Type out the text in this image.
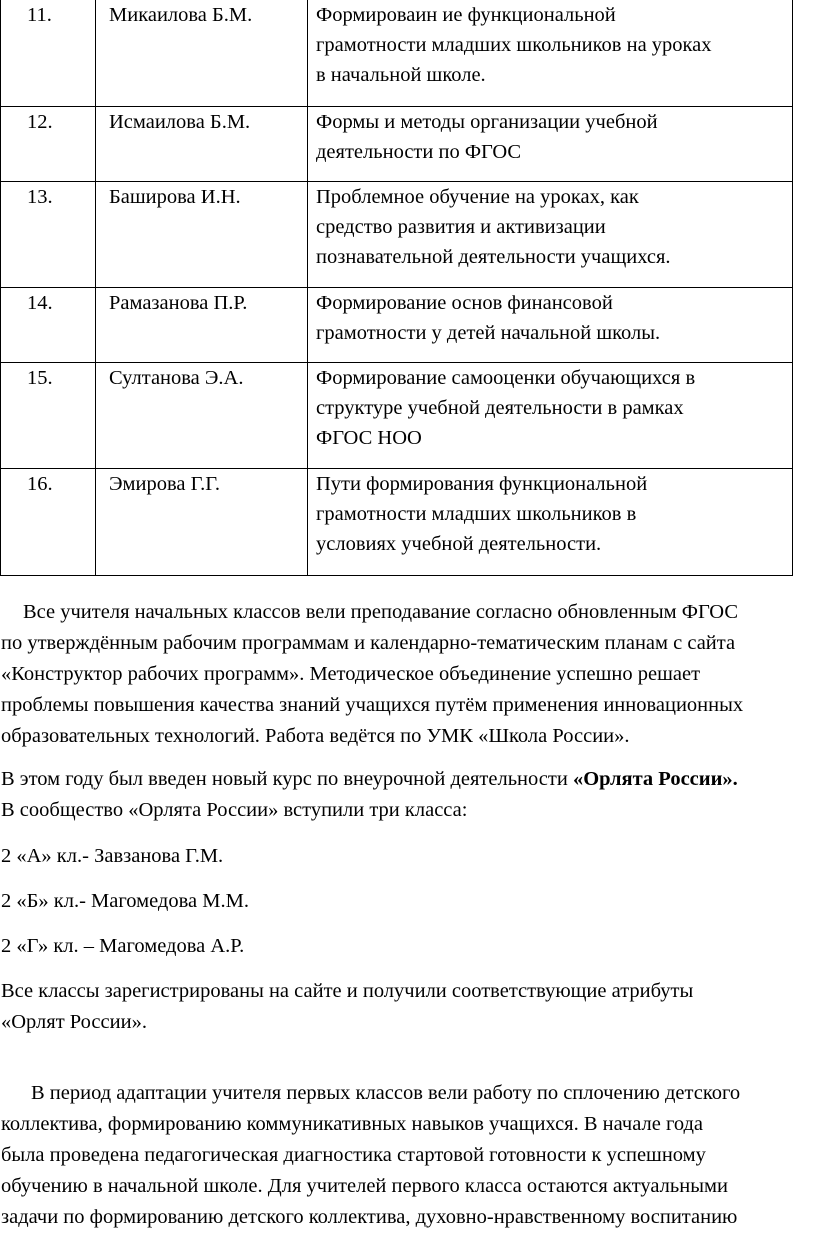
11.	Микаилова Б.М.	Формироваин ие функциональной
грамотности младших школьников на уроках
в начальной школе.

12.	Исмаилова Б.М.	Формы и методы организации учебной
деятельности по ФГОС

13.	Баширова И.Н.	Проблемное обучение на уроках, как
средство развития и активизации
познавательной деятельности учащихся.

14.	Рамазанова П.Р.	Формирование основ финансовой
грамотности у детей начальной школы.

15.	Султанова Э.А.	Формирование самооценки обучающихся в
структуре учебной деятельности в рамках
ФГОС НОО

16.	Эмирова Г.Г.	Пути формирования функциональной
грамотности младших школьников в
условиях учебной деятельности.

Все учителя начальных классов вели преподавание согласно обновленным ФГОС

по утверждённым рабочим программам и календарно-тематическим планам с сайта

«Конструктор рабочих программ». Методическое объединение успешно решает

проблемы повышения качества знаний учащихся путём применения инновационных

образовательных технологий. Работа ведётся по УМК «Школа России».

В этом году был введен новый курс по внеурочной деятельности «Орлята России».

В сообщество «Орлята России» вступили три класса:

2 «А» кл.- Завзанова Г.М.

2 «Б» кл.- Магомедова М.М.

2 «Г» кл. – Магомедова А.Р.

Все классы зарегистрированы на сайте и получили соответствующие атрибуты

«Орлят России».

В период адаптации учителя первых классов вели работу по сплочению детского

коллектива, формированию коммуникативных навыков учащихся. В начале года

была проведена педагогическая диагностика стартовой готовности к успешному

обучению в начальной школе. Для учителей первого класса остаются актуальными

задачи по формированию детского коллектива, духовно-нравственному воспитанию
